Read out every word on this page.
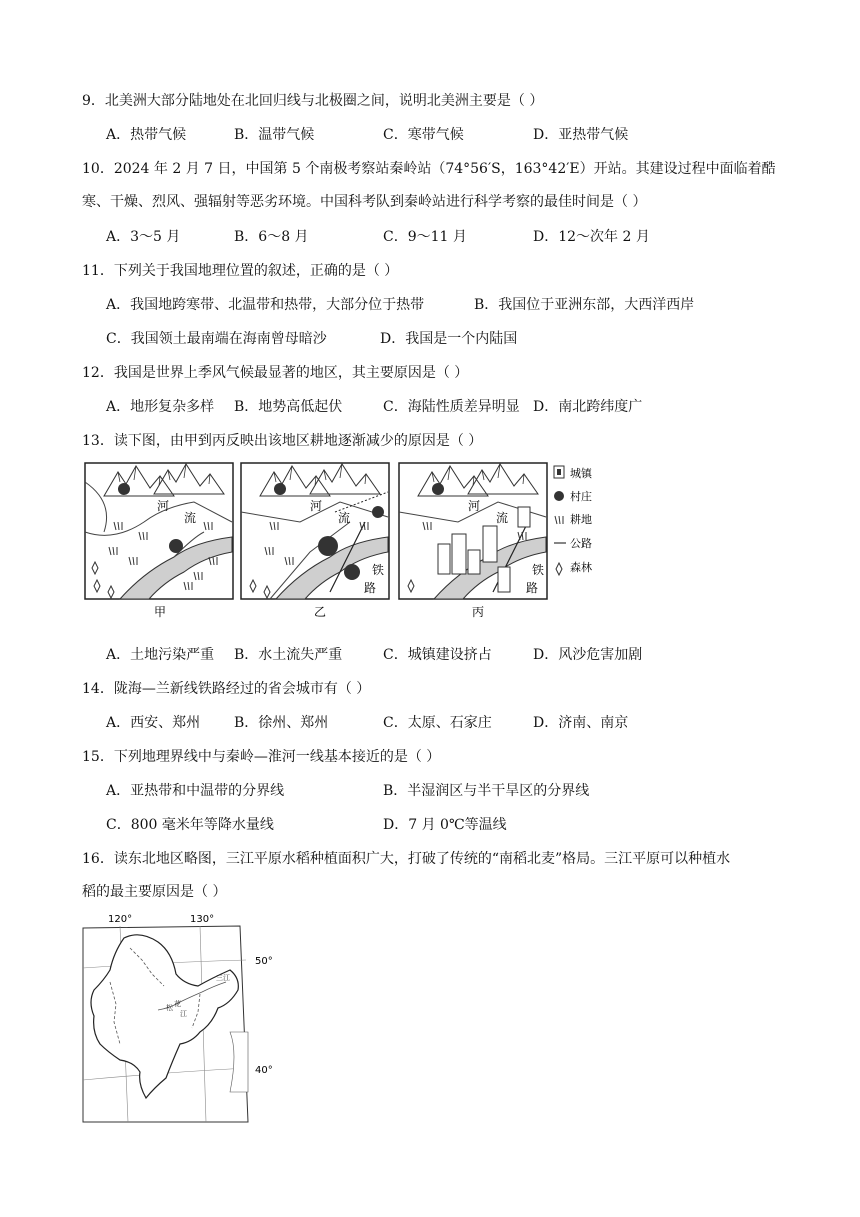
9．北美洲大部分陆地处在北回归线与北极圈之间，说明北美洲主要是（ ）
A．热带气候	B．温带气候	C．寒带气候	D．亚热带气候
10．2024 年 2 月 7 日，中国第 5 个南极考察站秦岭站（74°56′S，163°42′E）开站。其建设过程中面临着酷
寒、干燥、烈风、强辐射等恶劣环境。中国科考队到秦岭站进行科学考察的最佳时间是（ ）
A．3～5 月	B．6～8 月	C．9～11 月	D．12～次年 2 月
11．下列关于我国地理位置的叙述，正确的是（ ）
A．我国地跨寒带、北温带和热带，大部分位于热带	B．我国位于亚洲东部，大西洋西岸
C．我国领土最南端在海南曾母暗沙	D．我国是一个内陆国
12．我国是世界上季风气候最显著的地区，其主要原因是（ ）
A．地形复杂多样 B．地势高低起伏	C．海陆性质差异明显 D．南北跨纬度广
13．读下图，由甲到丙反映出该地区耕地逐渐减少的原因是（ ）
河
流
甲
河
流
铁
路
乙
河
流
铁
路
丙
城镇
村庄
耕地
公路
森林
A．土地污染严重 B．水土流失严重	C．城镇建设挤占	D．风沙危害加剧
14．陇海—兰新线铁路经过的省会城市有（ ）
A．西安、郑州 B．徐州、郑州	C．太原、石家庄	D．济南、南京
15．下列地理界线中与秦岭—淮河一线基本接近的是（ ）
A．亚热带和中温带的分界线	B．半湿润区与半干旱区的分界线
C．800 毫米年等降水量线	D．7 月 0℃等温线
16．读东北地区略图，三江平原水稻种植面积广大，打破了传统的“南稻北麦”格局。三江平原可以种植水
稻的最主要原因是（ ）
120°	130°
50°
40°
松 花
江
三江
